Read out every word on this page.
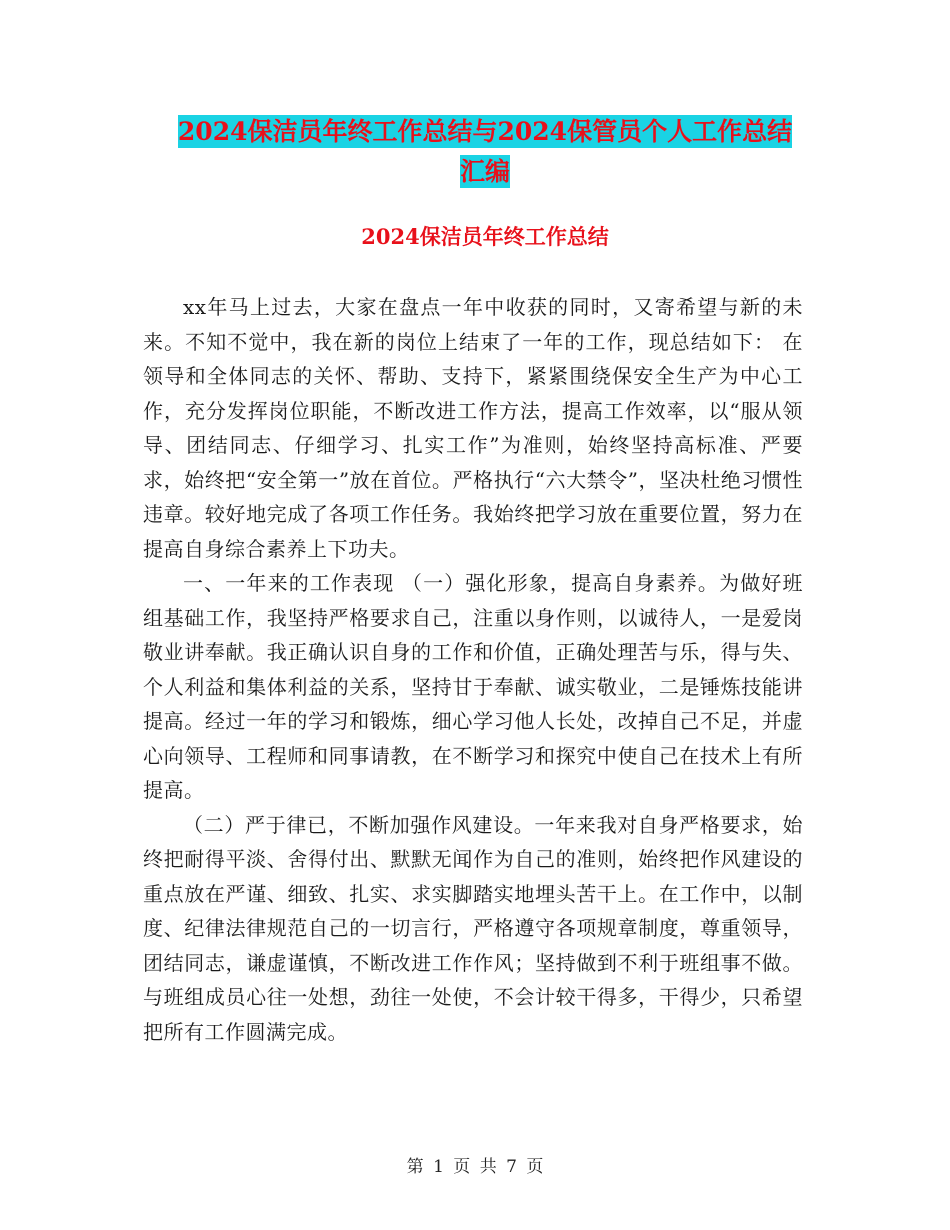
2024保洁员年终工作总结与2024保管员个人工作总结
汇编
2024保洁员年终工作总结

xx年马上过去，大家在盘点一年中收获的同时，又寄希望与新的未来。不知不觉中，我在新的岗位上结束了一年的工作，现总结如下： 在领导和全体同志的关怀、帮助、支持下，紧紧围绕保安全生产为中心工作，充分发挥岗位职能，不断改进工作方法，提高工作效率，以“服从领导、团结同志、仔细学习、扎实工作”为准则，始终坚持高标准、严要求，始终把“安全第一”放在首位。严格执行“六大禁令”，坚决杜绝习惯性违章。较好地完成了各项工作任务。我始终把学习放在重要位置，努力在提高自身综合素养上下功夫。

一、一年来的工作表现 （一）强化形象，提高自身素养。为做好班组基础工作，我坚持严格要求自己，注重以身作则，以诚待人，一是爱岗敬业讲奉献。我正确认识自身的工作和价值，正确处理苦与乐，得与失、个人利益和集体利益的关系，坚持甘于奉献、诚实敬业，二是锤炼技能讲提高。经过一年的学习和锻炼，细心学习他人长处，改掉自己不足，并虚心向领导、工程师和同事请教，在不断学习和探究中使自己在技术上有所提高。

（二）严于律已，不断加强作风建设。一年来我对自身严格要求，始终把耐得平淡、舍得付出、默默无闻作为自己的准则，始终把作风建设的重点放在严谨、细致、扎实、求实脚踏实地埋头苦干上。在工作中，以制度、纪律法律规范自己的一切言行，严格遵守各项规章制度，尊重领导，团结同志，谦虚谨慎，不断改进工作作风；坚持做到不利于班组事不做。与班组成员心往一处想，劲往一处使，不会计较干得多，干得少，只希望把所有工作圆满完成。

第 1 页 共 7 页
